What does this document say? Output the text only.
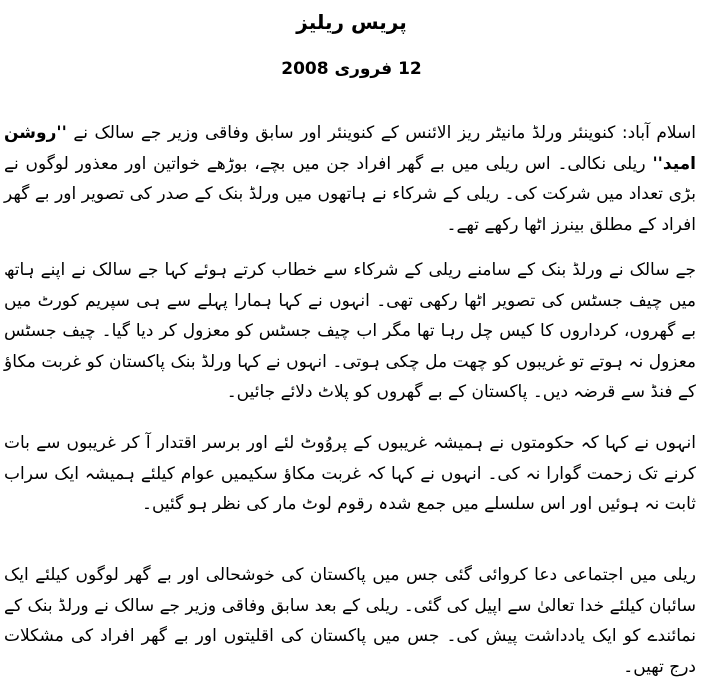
پریس ریلیز
12 فروری 2008

اسلام آباد: کنوینئر ورلڈ مانیٹر ریز الائنس کے کنوینئر اور سابق وفاقی وزیر جے سالک نے ''روشن امید'' ریلی نکالی۔ اس ریلی میں بے گھر افراد جن میں بچے، بوڑھے خواتین اور معذور لوگوں نے بڑی تعداد میں شرکت کی۔ ریلی کے شرکاء نے ہاتھوں میں ورلڈ بنک کے صدر کی تصویر اور بے گھر افراد کے مطلق بینرز اٹھا رکھے تھے۔

جے سالک نے ورلڈ بنک کے سامنے ریلی کے شرکاء سے خطاب کرتے ہوئے کہا جے سالک نے اپنے ہاتھ میں چیف جسٹس کی تصویر اٹھا رکھی تھی۔ انہوں نے کہا ہمارا پہلے سے ہی سپریم کورٹ میں بے گھروں، کرداروں کا کیس چل رہا تھا مگر اب چیف جسٹس کو معزول کر دیا گیا۔ چیف جسٹس معزول نہ ہوتے تو غریبوں کو چھت مل چکی ہوتی۔ انہوں نے کہا ورلڈ بنک پاکستان کو غربت مکاؤ کے فنڈ سے قرضہ دیں۔ پاکستان کے بے گھروں کو پلاٹ دلائے جائیں۔

انہوں نے کہا کہ حکومتوں نے ہمیشہ غریبوں کے پروُوٹ لئے اور برسر اقتدار آ کر غریبوں سے بات کرنے تک زحمت گوارا نہ کی۔ انہوں نے کہا کہ غربت مکاؤ سکیمیں عوام کیلئے ہمیشہ ایک سراب ثابت نہ ہوئیں اور اس سلسلے میں جمع شدہ رقوم لوٹ مار کی نظر ہو گئیں۔

ریلی میں اجتماعی دعا کروائی گئی جس میں پاکستان کی خوشحالی اور بے گھر لوگوں کیلئے ایک سائبان کیلئے خدا تعالیٰ سے اپیل کی گئی۔ ریلی کے بعد سابق وفاقی وزیر جے سالک نے ورلڈ بنک کے نمائندے کو ایک یادداشت پیش کی۔ جس میں پاکستان کی اقلیتوں اور بے گھر افراد کی مشکلات درج تھیں۔
